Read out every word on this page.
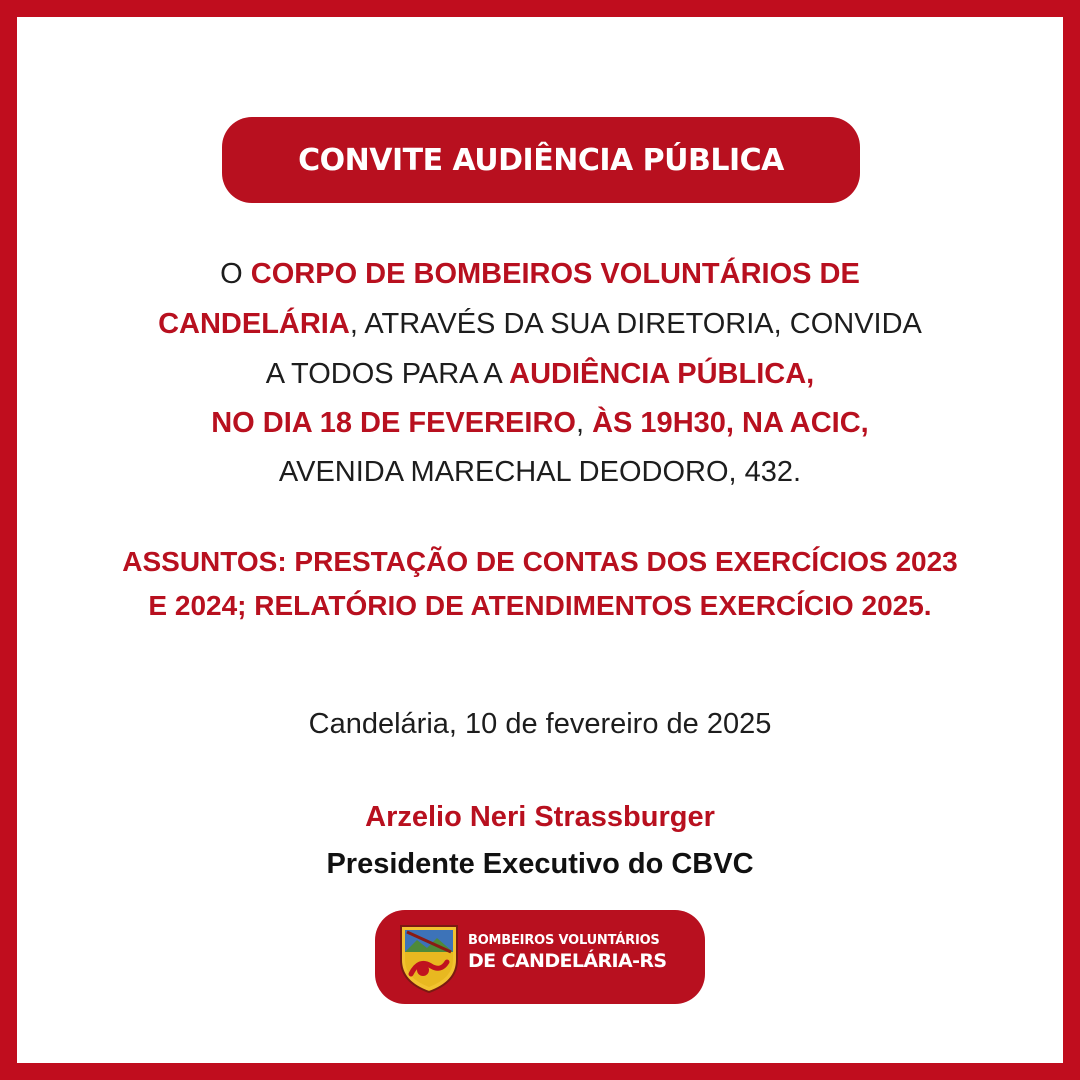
CONVITE AUDIÊNCIA PÚBLICA
O CORPO DE BOMBEIROS VOLUNTÁRIOS DE
CANDELÁRIA, ATRAVÉS DA SUA DIRETORIA, CONVIDA
A TODOS PARA A AUDIÊNCIA PÚBLICA,
NO DIA 18 DE FEVEREIRO, ÀS 19H30, NA ACIC,
AVENIDA MARECHAL DEODORO, 432.
ASSUNTOS: PRESTAÇÃO DE CONTAS DOS EXERCÍCIOS 2023
E 2024; RELATÓRIO DE ATENDIMENTOS EXERCÍCIO 2025.
Candelária, 10 de fevereiro de 2025
Arzelio Neri Strassburger
Presidente Executivo do CBVC
BOMBEIROS VOLUNTÁRIOS
DE CANDELÁRIA-RS
